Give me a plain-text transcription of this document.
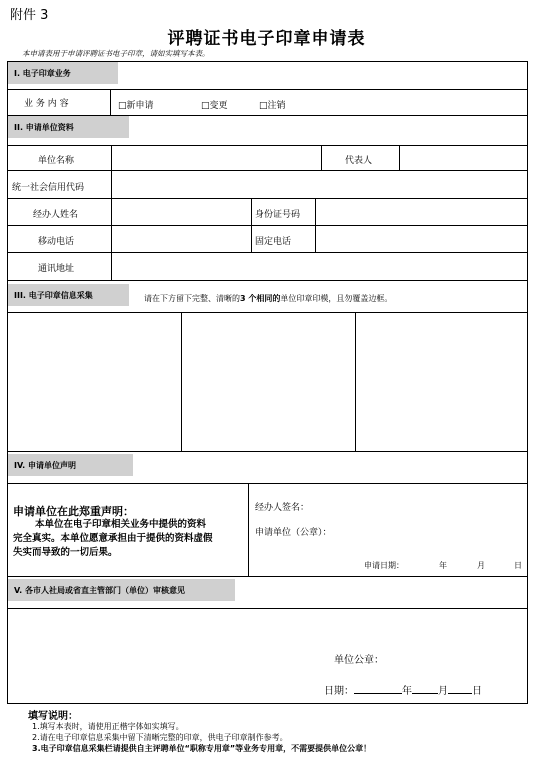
附件 3
评聘证书电子印章申请表
本申请表用于申请评聘证书电子印章，请如实填写本表。
I. 电子印章业务
业 务 内 容	□新申请	□变更	□注销
II. 申请单位资料
单位名称	代表人
统一社会信用代码
经办人姓名	身份证号码
移动电话	固定电话
通讯地址
III. 电子印章信息采集	请在下方留下完整、清晰的3 个相同的单位印章印模，且勿覆盖边框。
IV. 申请单位声明
申请单位在此郑重声明：
本单位在电子印章相关业务中提供的资料
完全真实。本单位愿意承担由于提供的资料虚假
失实而导致的一切后果。
经办人签名：
申请单位（公章）：
申请日期：	年	月	日
V. 各市人社局或省直主管部门（单位）审核意见
单位公章：
日期：	年	月 日
填写说明：
1.填写本表时，请使用正楷字体如实填写。
2.请在电子印章信息采集中留下清晰完整的印章，供电子印章制作参考。
3.电子印章信息采集栏请提供自主评聘单位“职称专用章”等业务专用章，不需要提供单位公章！
